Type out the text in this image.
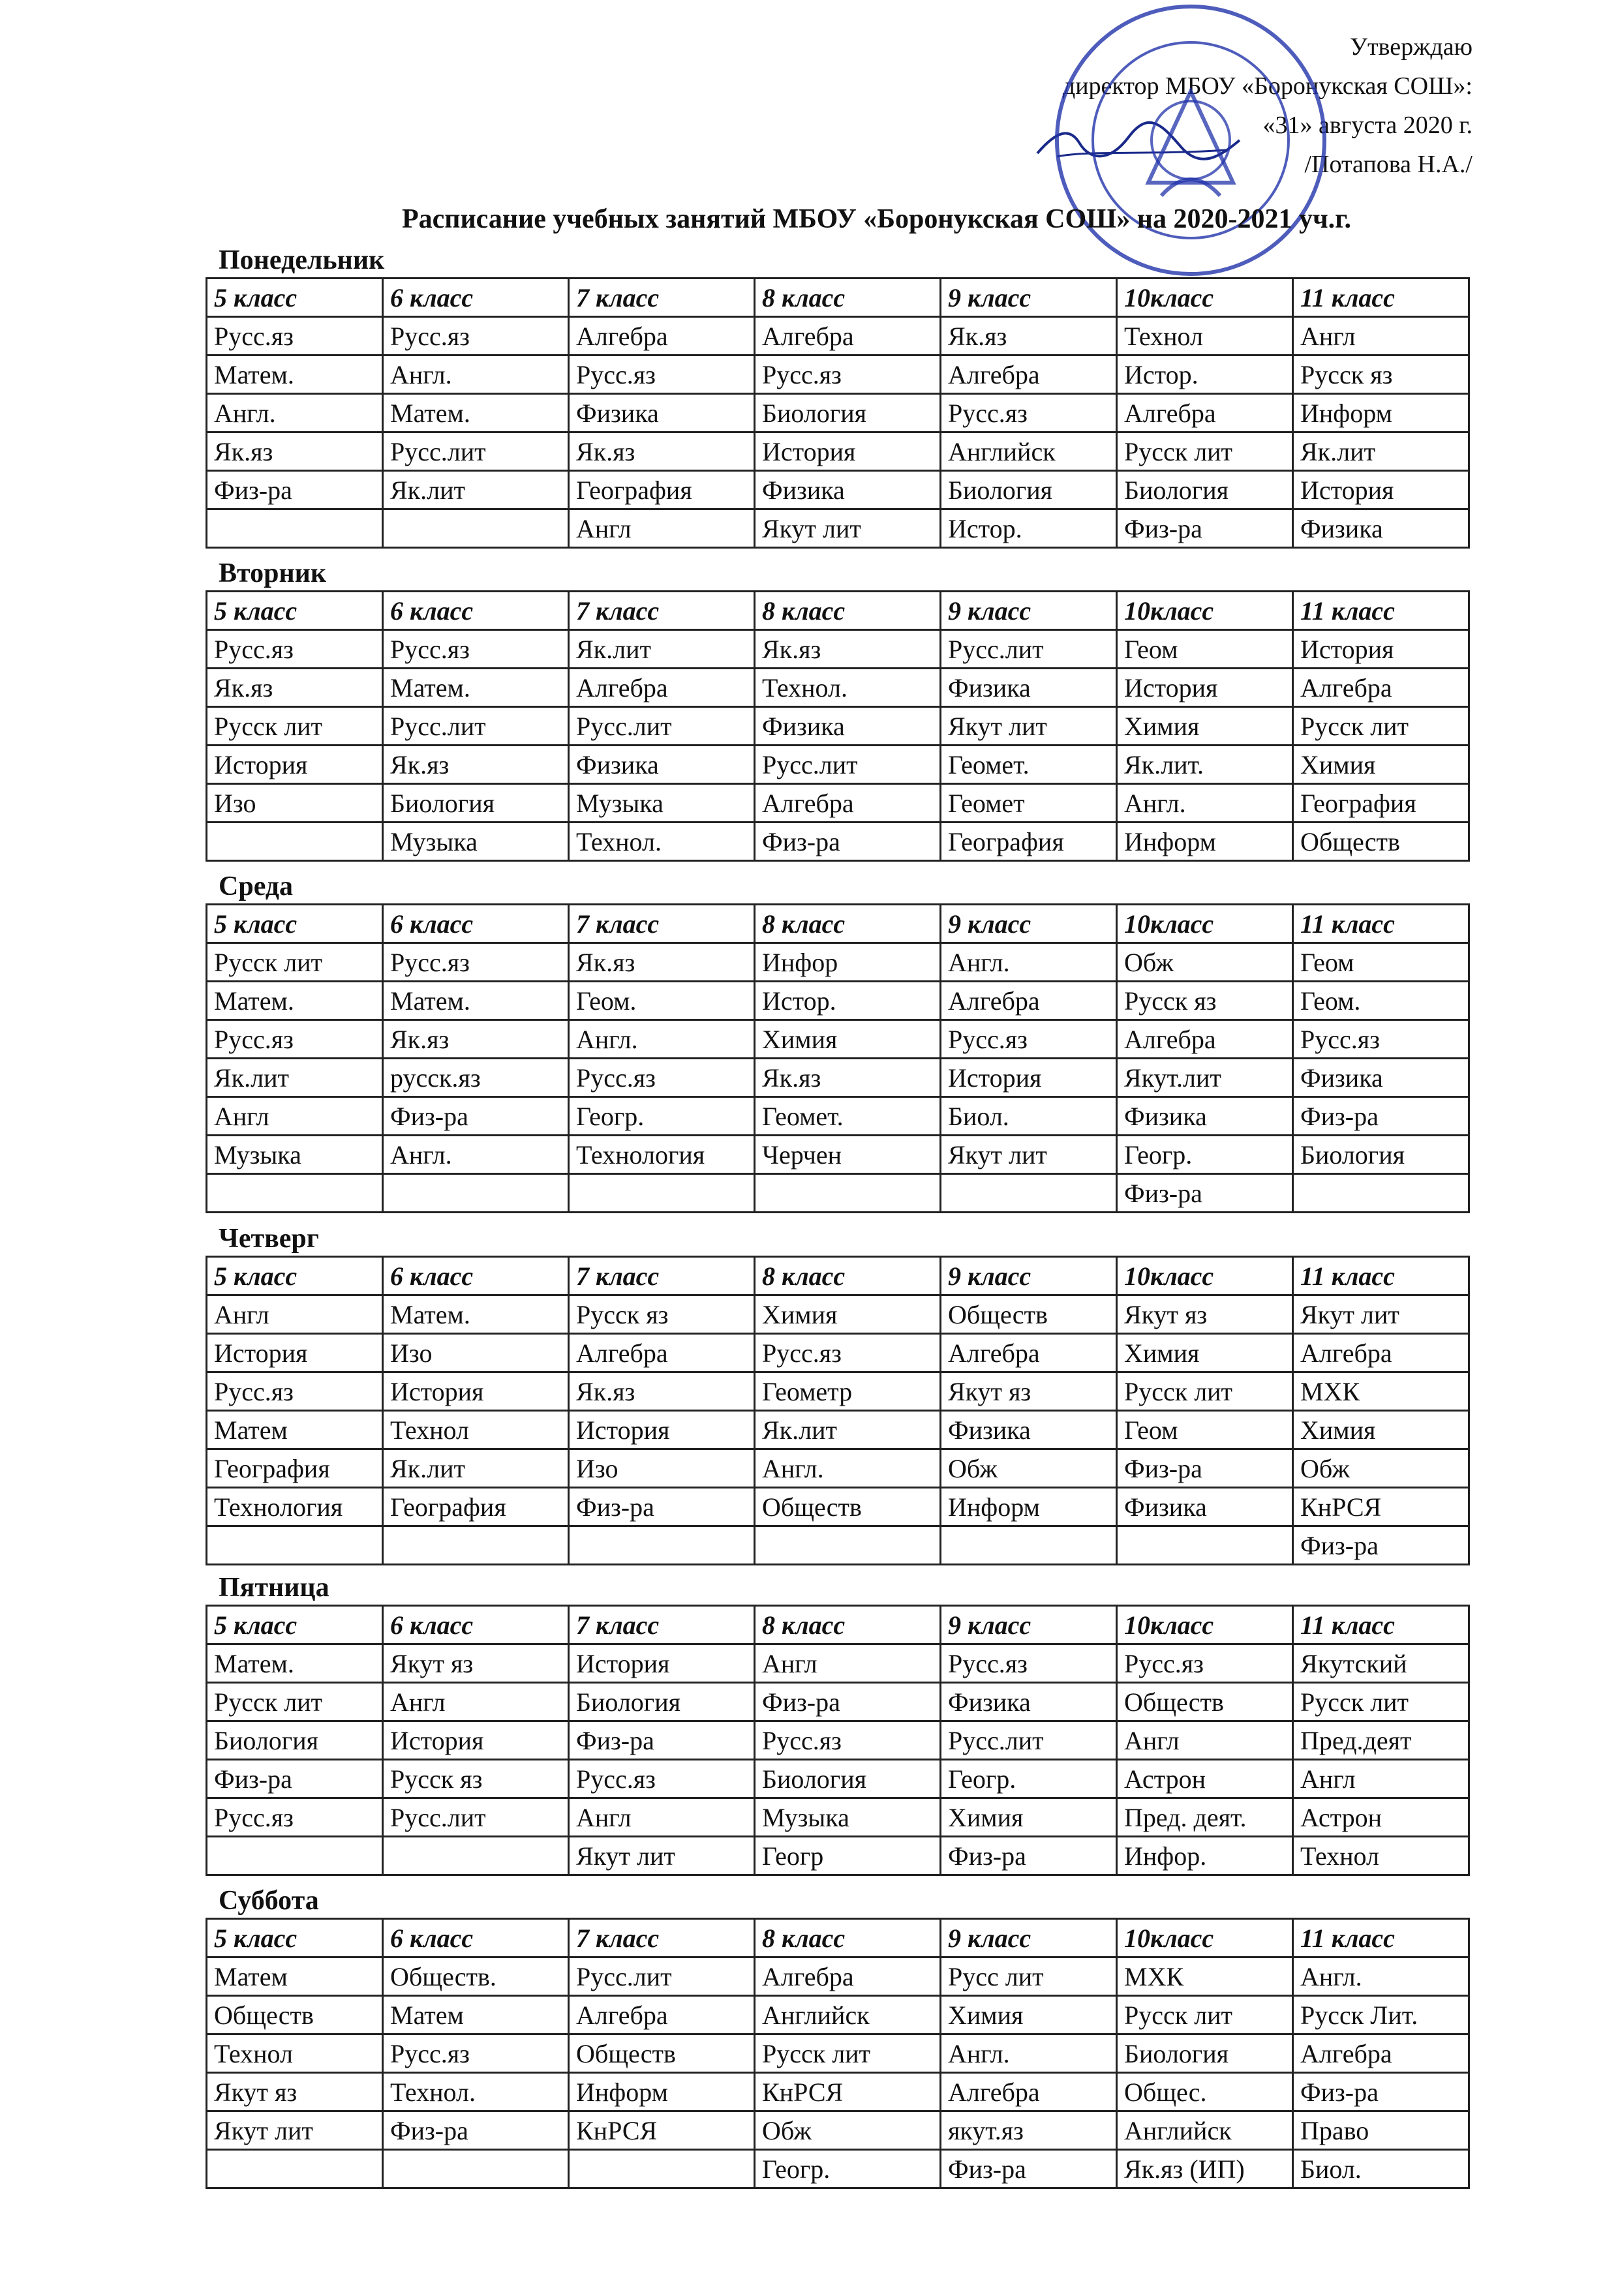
Утверждаю
директор МБОУ «Боронукская СОШ»:
«31» августа 2020 г.
/Потапова Н.А./
Расписание учебных занятий МБОУ «Боронукская СОШ» на 2020-2021 уч.г.
Понедельник
5 класс	6 класс	7 класс	8 класс	9 класс	10класс	11 класс
Русс.яз	Русс.яз	Алгебра	Алгебра	Як.яз	Технол	Англ
Матем.	Англ.	Русс.яз	Русс.яз	Алгебра	Истор.	Русск яз
Англ.	Матем.	Физика	Биология	Русс.яз	Алгебра	Информ
Як.яз	Русс.лит	Як.яз	История	Английск	Русск лит	Як.лит
Физ-ра	Як.лит	География	Физика	Биология	Биология	История
		Англ	Якут лит	Истор.	Физ-ра	Физика
Вторник
5 класс	6 класс	7 класс	8 класс	9 класс	10класс	11 класс
Русс.яз	Русс.яз	Як.лит	Як.яз	Русс.лит	Геом	История
Як.яз	Матем.	Алгебра	Технол.	Физика	История	Алгебра
Русск лит	Русс.лит	Русс.лит	Физика	Якут лит	Химия	Русск лит
История	Як.яз	Физика	Русс.лит	Геомет.	Як.лит.	Химия
Изо	Биология	Музыка	Алгебра	Геомет	Англ.	География
	Музыка	Технол.	Физ-ра	География	Информ	Обществ
Среда
5 класс	6 класс	7 класс	8 класс	9 класс	10класс	11 класс
Русск лит	Русс.яз	Як.яз	Инфор	Англ.	Обж	Геом
Матем.	Матем.	Геом.	Истор.	Алгебра	Русск яз	Геом.
Русс.яз	Як.яз	Англ.	Химия	Русс.яз	Алгебра	Русс.яз
Як.лит	русск.яз	Русс.яз	Як.яз	История	Якут.лит	Физика
Англ	Физ-ра	Геогр.	Геомет.	Биол.	Физика	Физ-ра
Музыка	Англ.	Технология	Черчен	Якут лит	Геогр.	Биология
					Физ-ра	
Четверг
5 класс	6 класс	7 класс	8 класс	9 класс	10класс	11 класс
Англ	Матем.	Русск яз	Химия	Обществ	Якут яз	Якут лит
История	Изо	Алгебра	Русс.яз	Алгебра	Химия	Алгебра
Русс.яз	История	Як.яз	Геометр	Якут яз	Русск лит	МХК
Матем	Технол	История	Як.лит	Физика	Геом	Химия
География	Як.лит	Изо	Англ.	Обж	Физ-ра	Обж
Технология	География	Физ-ра	Обществ	Информ	Физика	КнРСЯ
						Физ-ра
Пятница
5 класс	6 класс	7 класс	8 класс	9 класс	10класс	11 класс
Матем.	Якут яз	История	Англ	Русс.яз	Русс.яз	Якутский
Русск лит	Англ	Биология	Физ-ра	Физика	Обществ	Русск лит
Биология	История	Физ-ра	Русс.яз	Русс.лит	Англ	Пред.деят
Физ-ра	Русск яз	Русс.яз	Биология	Геогр.	Астрон	Англ
Русс.яз	Русс.лит	Англ	Музыка	Химия	Пред. деят.	Астрон
		Якут лит	Геогр	Физ-ра	Инфор.	Технол
Суббота
5 класс	6 класс	7 класс	8 класс	9 класс	10класс	11 класс
Матем	Обществ.	Русс.лит	Алгебра	Русс лит	МХК	Англ.
Обществ	Матем	Алгебра	Английск	Химия	Русск лит	Русск Лит.
Технол	Русс.яз	Обществ	Русск лит	Англ.	Биология	Алгебра
Якут яз	Технол.	Информ	КнРСЯ	Алгебра	Общес.	Физ-ра
Якут лит	Физ-ра	КнРСЯ	Обж	якут.яз	Английск	Право
			Геогр.	Физ-ра	Як.яз (ИП)	Биол.
